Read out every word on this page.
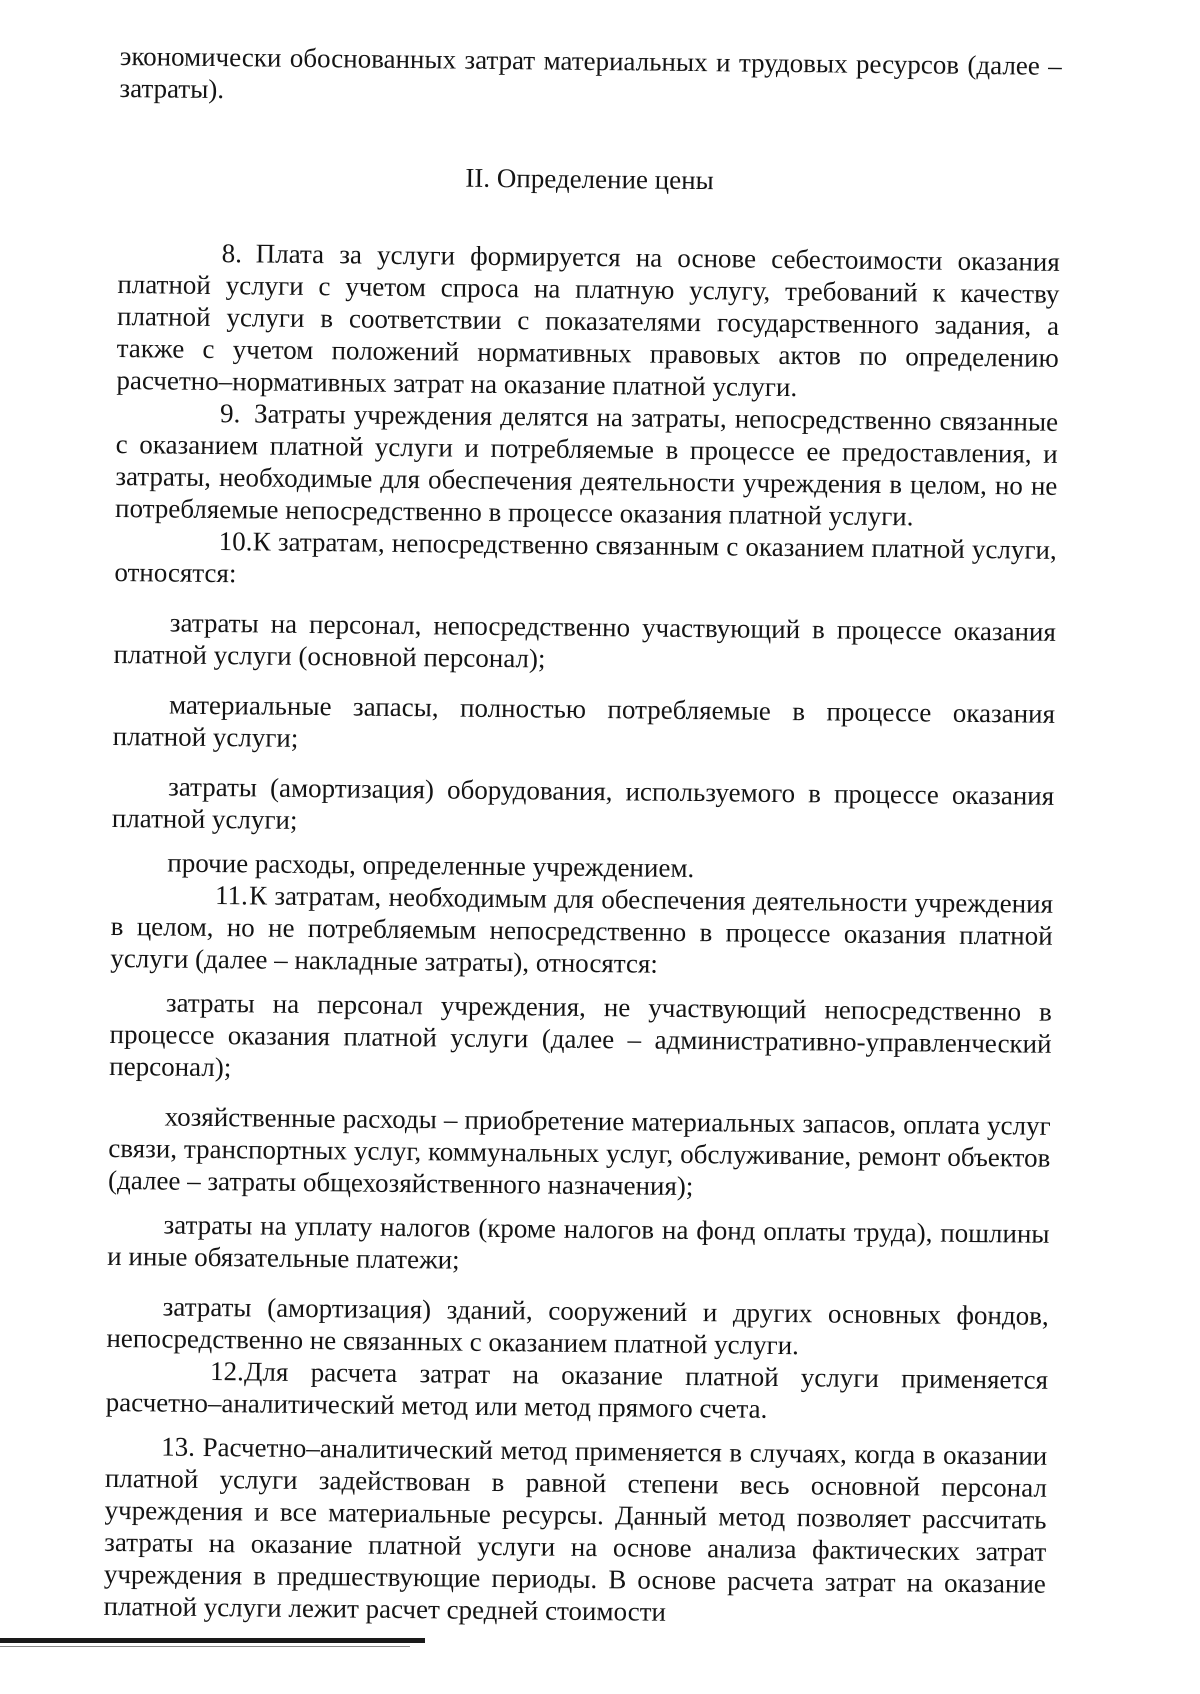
экономически обоснованных затрат материальных и трудовых ресурсов (далее – затраты).

II. Определение цены

8. Плата за услуги формируется на основе себестоимости оказания платной услуги с учетом спроса на платную услугу, требований к качеству платной услуги в соответствии с показателями государственного задания, а также с учетом положений нормативных правовых актов по определению расчетно–нормативных затрат на оказание платной услуги.

9. Затраты учреждения делятся на затраты, непосредственно связанные с оказанием платной услуги и потребляемые в процессе ее предоставления, и затраты, необходимые для обеспечения деятельности учреждения в целом, но не потребляемые непосредственно в процессе оказания платной услуги.

10.К затратам, непосредственно связанным с оказанием платной услуги, относятся:

затраты на персонал, непосредственно участвующий в процессе оказания платной услуги (основной персонал);

материальные запасы, полностью потребляемые в процессе оказания платной услуги;

затраты (амортизация) оборудования, используемого в процессе оказания платной услуги;

прочие расходы, определенные учреждением.

11.К затратам, необходимым для обеспечения деятельности учреждения в целом, но не потребляемым непосредственно в процессе оказания платной услуги (далее – накладные затраты), относятся:

затраты на персонал учреждения, не участвующий непосредственно в процессе оказания платной услуги (далее – административно-управленческий персонал);

хозяйственные расходы – приобретение материальных запасов, оплата услуг связи, транспортных услуг, коммунальных услуг, обслуживание, ремонт объектов (далее – затраты общехозяйственного назначения);

затраты на уплату налогов (кроме налогов на фонд оплаты труда), пошлины и иные обязательные платежи;

затраты (амортизация) зданий, сооружений и других основных фондов, непосредственно не связанных с оказанием платной услуги.

12.Для расчета затрат на оказание платной услуги применяется расчетно–аналитический метод или метод прямого счета.

13. Расчетно–аналитический метод применяется в случаях, когда в оказании платной услуги задействован в равной степени весь основной персонал учреждения и все материальные ресурсы. Данный метод позволяет рассчитать затраты на оказание платной услуги на основе анализа фактических затрат учреждения в предшествующие периоды. В основе расчета затрат на оказание платной услуги лежит расчет средней стоимости
